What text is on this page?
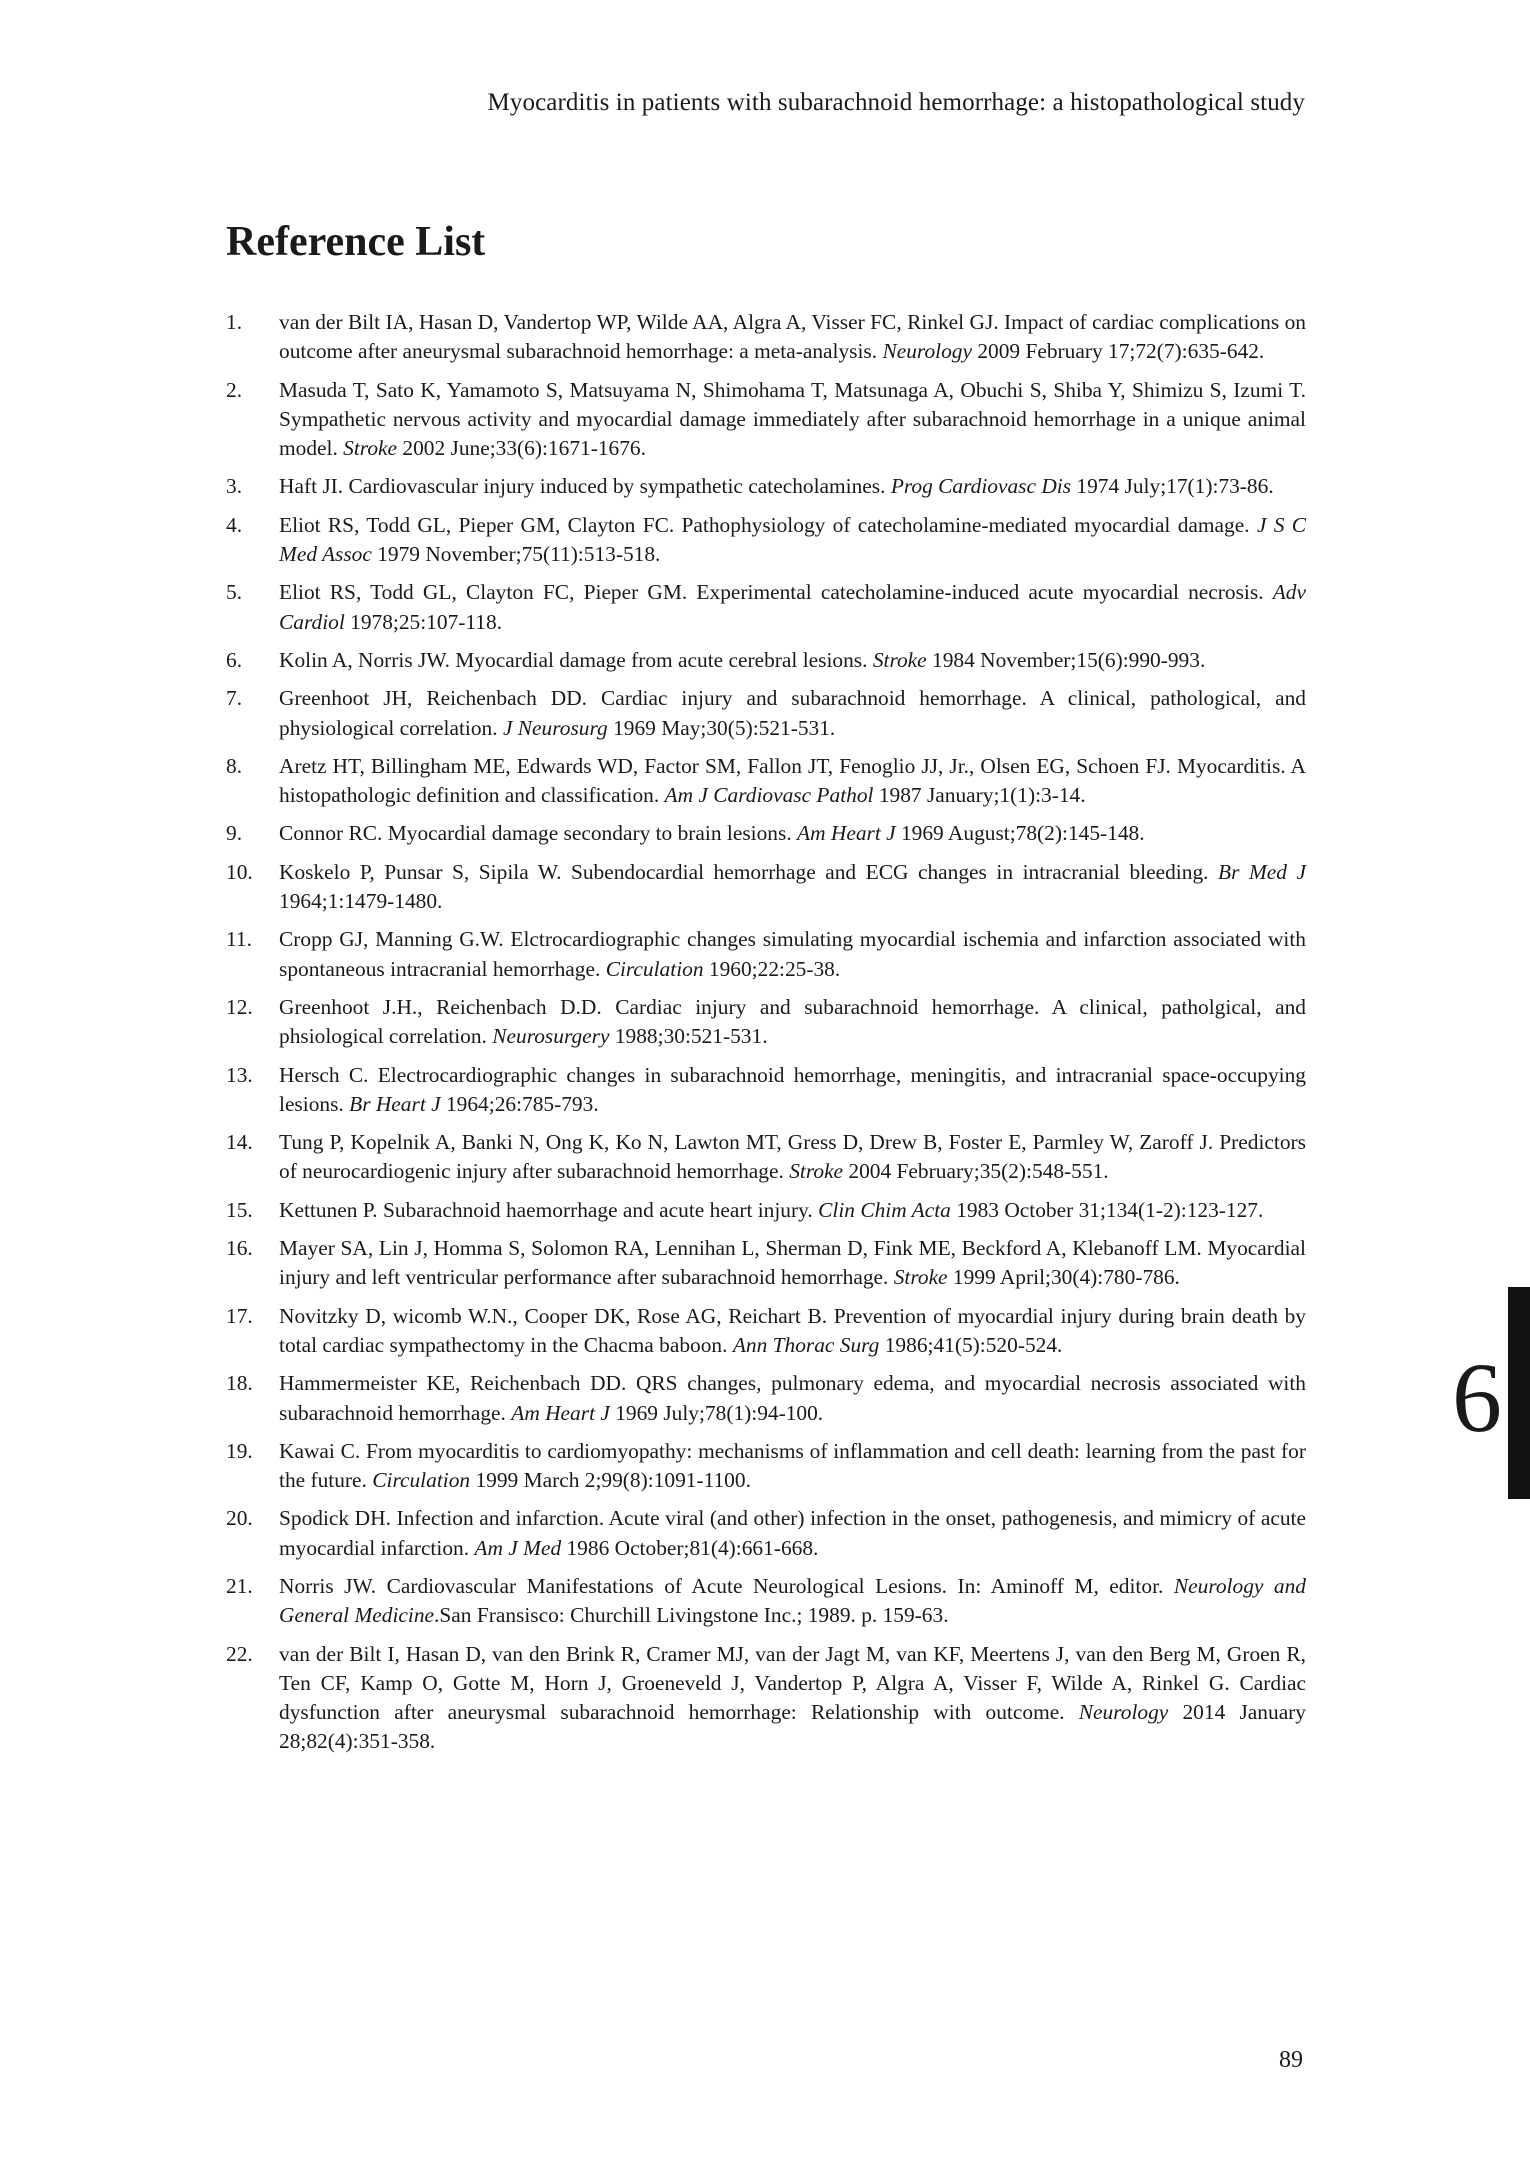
Myocarditis in patients with subarachnoid hemorrhage: a histopathological study
Reference List
1. van der Bilt IA, Hasan D, Vandertop WP, Wilde AA, Algra A, Visser FC, Rinkel GJ. Impact of cardiac complications on outcome after aneurysmal subarachnoid hemorrhage: a meta-analysis. Neurology 2009 February 17;72(7):635-642.
2. Masuda T, Sato K, Yamamoto S, Matsuyama N, Shimohama T, Matsunaga A, Obuchi S, Shiba Y, Shimizu S, Izumi T. Sympathetic nervous activity and myocardial damage immediately after subarachnoid hemorrhage in a unique animal model. Stroke 2002 June;33(6):1671-1676.
3. Haft JI. Cardiovascular injury induced by sympathetic catecholamines. Prog Cardiovasc Dis 1974 July;17(1):73-86.
4. Eliot RS, Todd GL, Pieper GM, Clayton FC. Pathophysiology of catecholamine-mediated myocardial damage. J S C Med Assoc 1979 November;75(11):513-518.
5. Eliot RS, Todd GL, Clayton FC, Pieper GM. Experimental catecholamine-induced acute myocardial necrosis. Adv Cardiol 1978;25:107-118.
6. Kolin A, Norris JW. Myocardial damage from acute cerebral lesions. Stroke 1984 November;15(6):990-993.
7. Greenhoot JH, Reichenbach DD. Cardiac injury and subarachnoid hemorrhage. A clinical, pathological, and physiological correlation. J Neurosurg 1969 May;30(5):521-531.
8. Aretz HT, Billingham ME, Edwards WD, Factor SM, Fallon JT, Fenoglio JJ, Jr., Olsen EG, Schoen FJ. Myocarditis. A histopathologic definition and classification. Am J Cardiovasc Pathol 1987 January;1(1):3-14.
9. Connor RC. Myocardial damage secondary to brain lesions. Am Heart J 1969 August;78(2):145-148.
10. Koskelo P, Punsar S, Sipila W. Subendocardial hemorrhage and ECG changes in intracranial bleeding. Br Med J 1964;1:1479-1480.
11. Cropp GJ, Manning G.W. Elctrocardiographic changes simulating myocardial ischemia and infarction associated with spontaneous intracranial hemorrhage. Circulation 1960;22:25-38.
12. Greenhoot J.H., Reichenbach D.D. Cardiac injury and subarachnoid hemorrhage. A clinical, patholgical, and phsiological correlation. Neurosurgery 1988;30:521-531.
13. Hersch C. Electrocardiographic changes in subarachnoid hemorrhage, meningitis, and intracranial space-occupying lesions. Br Heart J 1964;26:785-793.
14. Tung P, Kopelnik A, Banki N, Ong K, Ko N, Lawton MT, Gress D, Drew B, Foster E, Parmley W, Zaroff J. Predictors of neurocardiogenic injury after subarachnoid hemorrhage. Stroke 2004 February;35(2):548-551.
15. Kettunen P. Subarachnoid haemorrhage and acute heart injury. Clin Chim Acta 1983 October 31;134(1-2):123-127.
16. Mayer SA, Lin J, Homma S, Solomon RA, Lennihan L, Sherman D, Fink ME, Beckford A, Klebanoff LM. Myocardial injury and left ventricular performance after subarachnoid hemorrhage. Stroke 1999 April;30(4):780-786.
17. Novitzky D, wicomb W.N., Cooper DK, Rose AG, Reichart B. Prevention of myocardial injury during brain death by total cardiac sympathectomy in the Chacma baboon. Ann Thorac Surg 1986;41(5):520-524.
18. Hammermeister KE, Reichenbach DD. QRS changes, pulmonary edema, and myocardial necrosis associated with subarachnoid hemorrhage. Am Heart J 1969 July;78(1):94-100.
19. Kawai C. From myocarditis to cardiomyopathy: mechanisms of inflammation and cell death: learning from the past for the future. Circulation 1999 March 2;99(8):1091-1100.
20. Spodick DH. Infection and infarction. Acute viral (and other) infection in the onset, pathogenesis, and mimicry of acute myocardial infarction. Am J Med 1986 October;81(4):661-668.
21. Norris JW. Cardiovascular Manifestations of Acute Neurological Lesions. In: Aminoff M, editor. Neurology and General Medicine.San Fransisco: Churchill Livingstone Inc.; 1989. p. 159-63.
22. van der Bilt I, Hasan D, van den Brink R, Cramer MJ, van der Jagt M, van KF, Meertens J, van den Berg M, Groen R, Ten CF, Kamp O, Gotte M, Horn J, Groeneveld J, Vandertop P, Algra A, Visser F, Wilde A, Rinkel G. Cardiac dysfunction after aneurysmal subarachnoid hemorrhage: Relationship with outcome. Neurology 2014 January 28;82(4):351-358.
6
89
